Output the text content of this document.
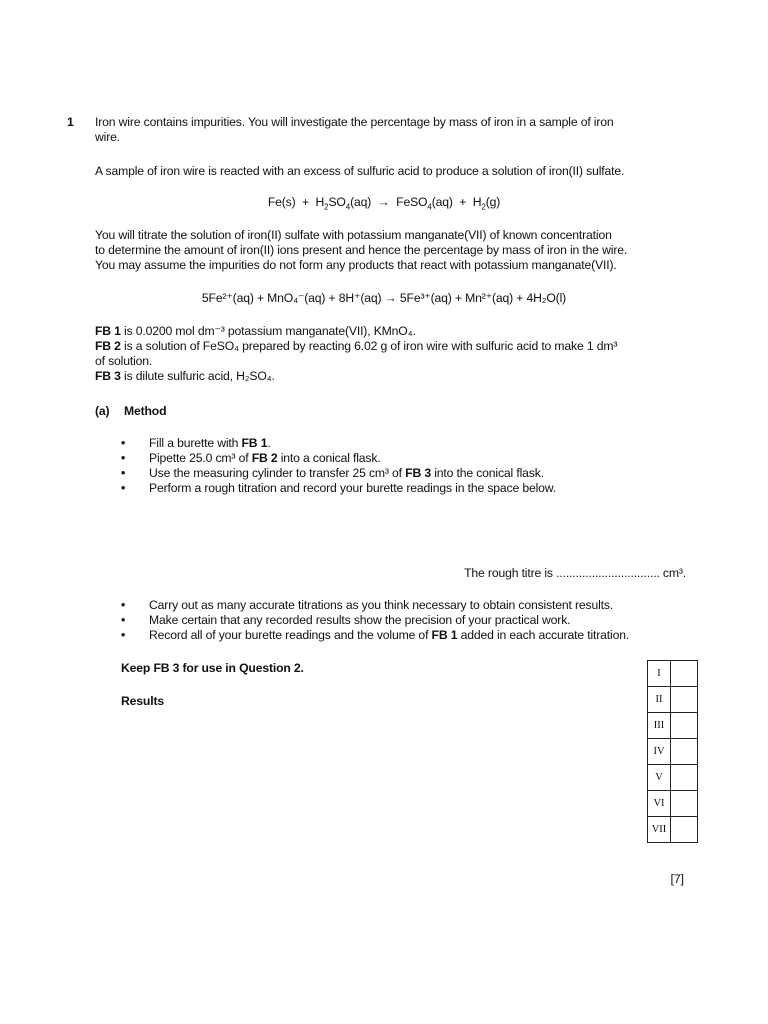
1 Iron wire contains impurities. You will investigate the percentage by mass of iron in a sample of iron
wire.
A sample of iron wire is reacted with an excess of sulfuric acid to produce a solution of iron(II) sulfate.
$Fe(s) + H_2SO_4(aq)$ → FeSO$_4$(aq) + $H_2(g)$
You will titrate the solution of iron(II) sulfate with potassium manganate(VII) of known concentration
to determine the amount of iron(II) ions present and hence the percentage by mass of iron in the wire.
You may assume the impurities do not form any products that react with potassium manganate(VII).
5Fe²⁺(aq) + MnO₄⁻(aq) + 8H⁺(aq) → 5Fe³⁺(aq) + Mn²⁺(aq) + 4H₂O(l)
FB 1 is 0.0200 mol dm⁻³ potassium manganate(VII), KMnO₄.
FB 2 is a solution of FeSO₄ prepared by reacting 6.02 g of iron wire with sulfuric acid to make 1 dm³
of solution.
FB 3 is dilute sulfuric acid, H₂SO₄.
(a) Method
• Fill a burette with FB 1.
• Pipette 25.0 cm³ of FB 2 into a conical flask.
• Use the measuring cylinder to transfer 25 cm³ of FB 3 into the conical flask.
• Perform a rough titration and record your burette readings in the space below.
The rough titre is ................................ cm³.
• Carry out as many accurate titrations as you think necessary to obtain consistent results.
• Make certain that any recorded results show the precision of your practical work.
• Record all of your burette readings and the volume of FB 1 added in each accurate titration.
Keep FB 3 for use in Question 2.
Results
I	
II	
III	
IV	
V	
VI	
VII	
[7]
